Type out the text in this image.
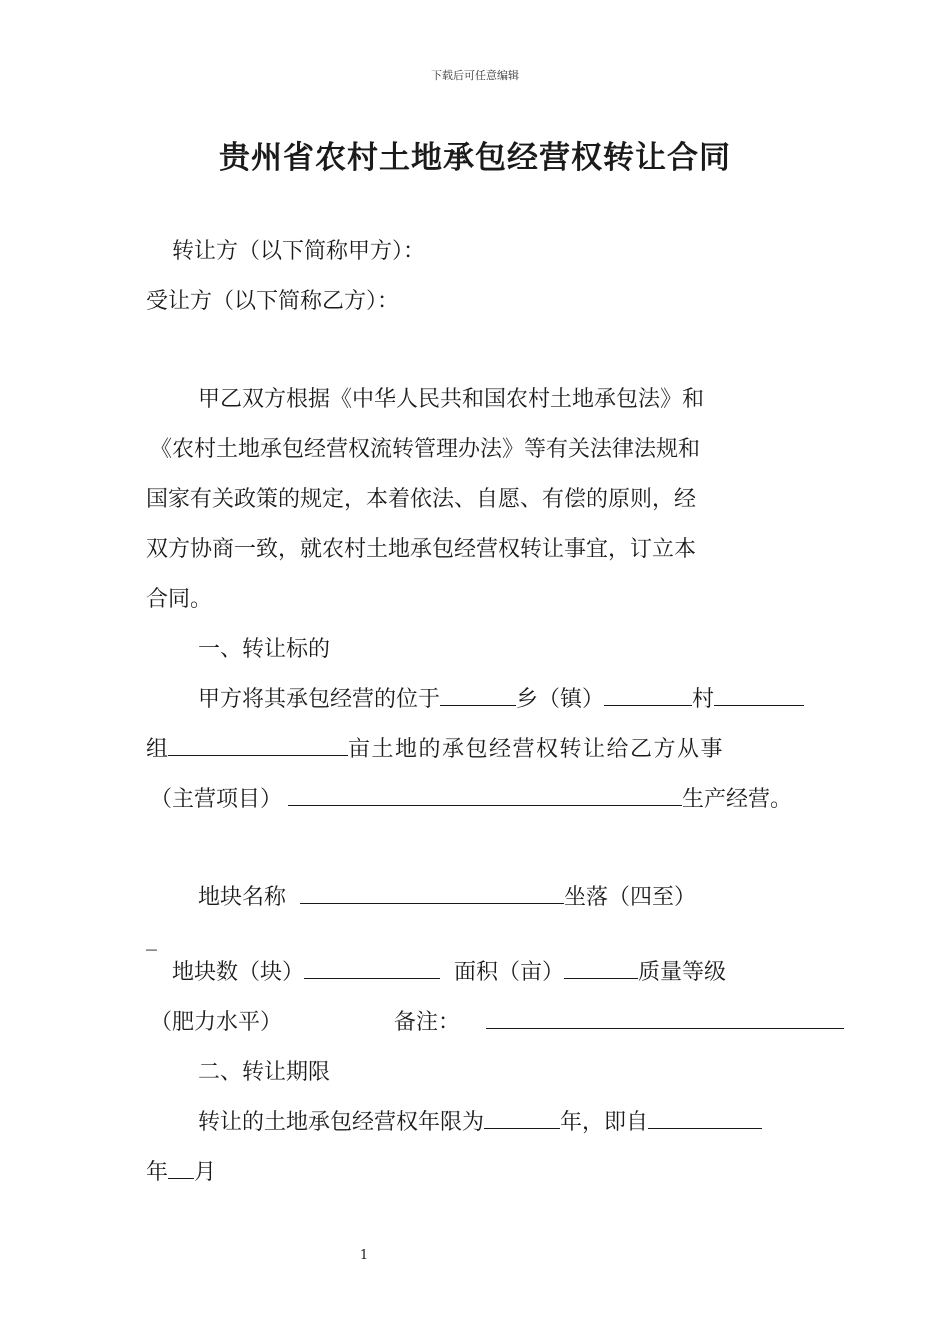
下载后可任意编辑
贵州省农村土地承包经营权转让合同
转让方（以下简称甲方）：
受让方（以下简称乙方）：
甲乙双方根据《中华人民共和国农村土地承包法》和
《农村土地承包经营权流转管理办法》等有关法律法规和
国家有关政策的规定，本着依法、自愿、有偿的原则，经
双方协商一致，就农村土地承包经营权转让事宜，订立本
合同。
一、转让标的
甲方将其承包经营的位于	乡（镇）	村
组	亩土地的承包经营权转让给乙方从事
（主营项目）	生产经营。
地块名称	坐落（四至）
_
地块数（块）	面积（亩）	质量等级
（肥力水平）	备注：
二、转让期限
转让的土地承包经营权年限为	年，即自
年 月
1
